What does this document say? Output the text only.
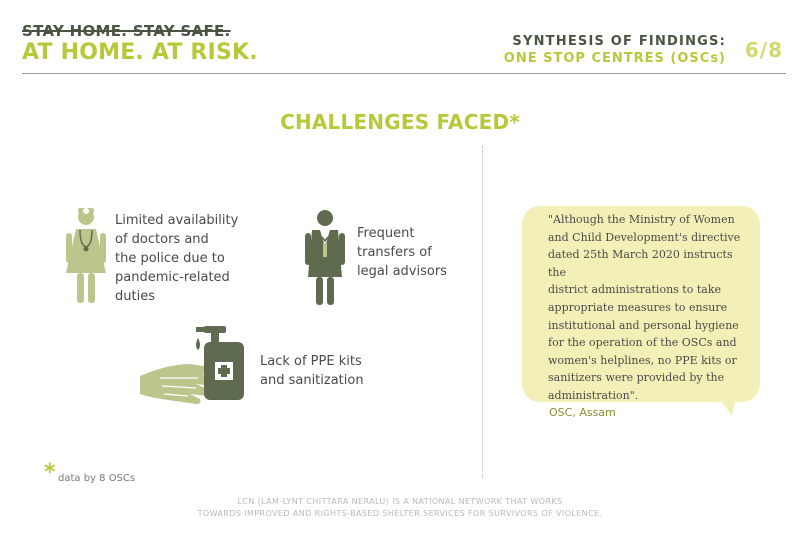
STAY HOME. STAY SAFE.
AT HOME. AT RISK.	SYNTHESIS OF FINDINGS:
ONE STOP CENTRES (OSCs) 6/8
CHALLENGES FACED*
Limited availability
of doctors and
the police due to
pandemic-related
duties
Frequent
transfers of
legal advisors
Lack of PPE kits
and sanitization
"Although the Ministry of Women
and Child Development's directive
dated 25th March 2020 instructs the
district administrations to take
appropriate measures to ensure
institutional and personal hygiene
for the operation of the OSCs and
women's helplines, no PPE kits or
sanitizers were provided by the
administration".
OSC, Assam
* data by 8 OSCs
LCN (LAM-LYNT CHITTARA NERALU) IS A NATIONAL NETWORK THAT WORKS
TOWARDS IMPROVED AND RIGHTS-BASED SHELTER SERVICES FOR SURVIVORS OF VIOLENCE.
